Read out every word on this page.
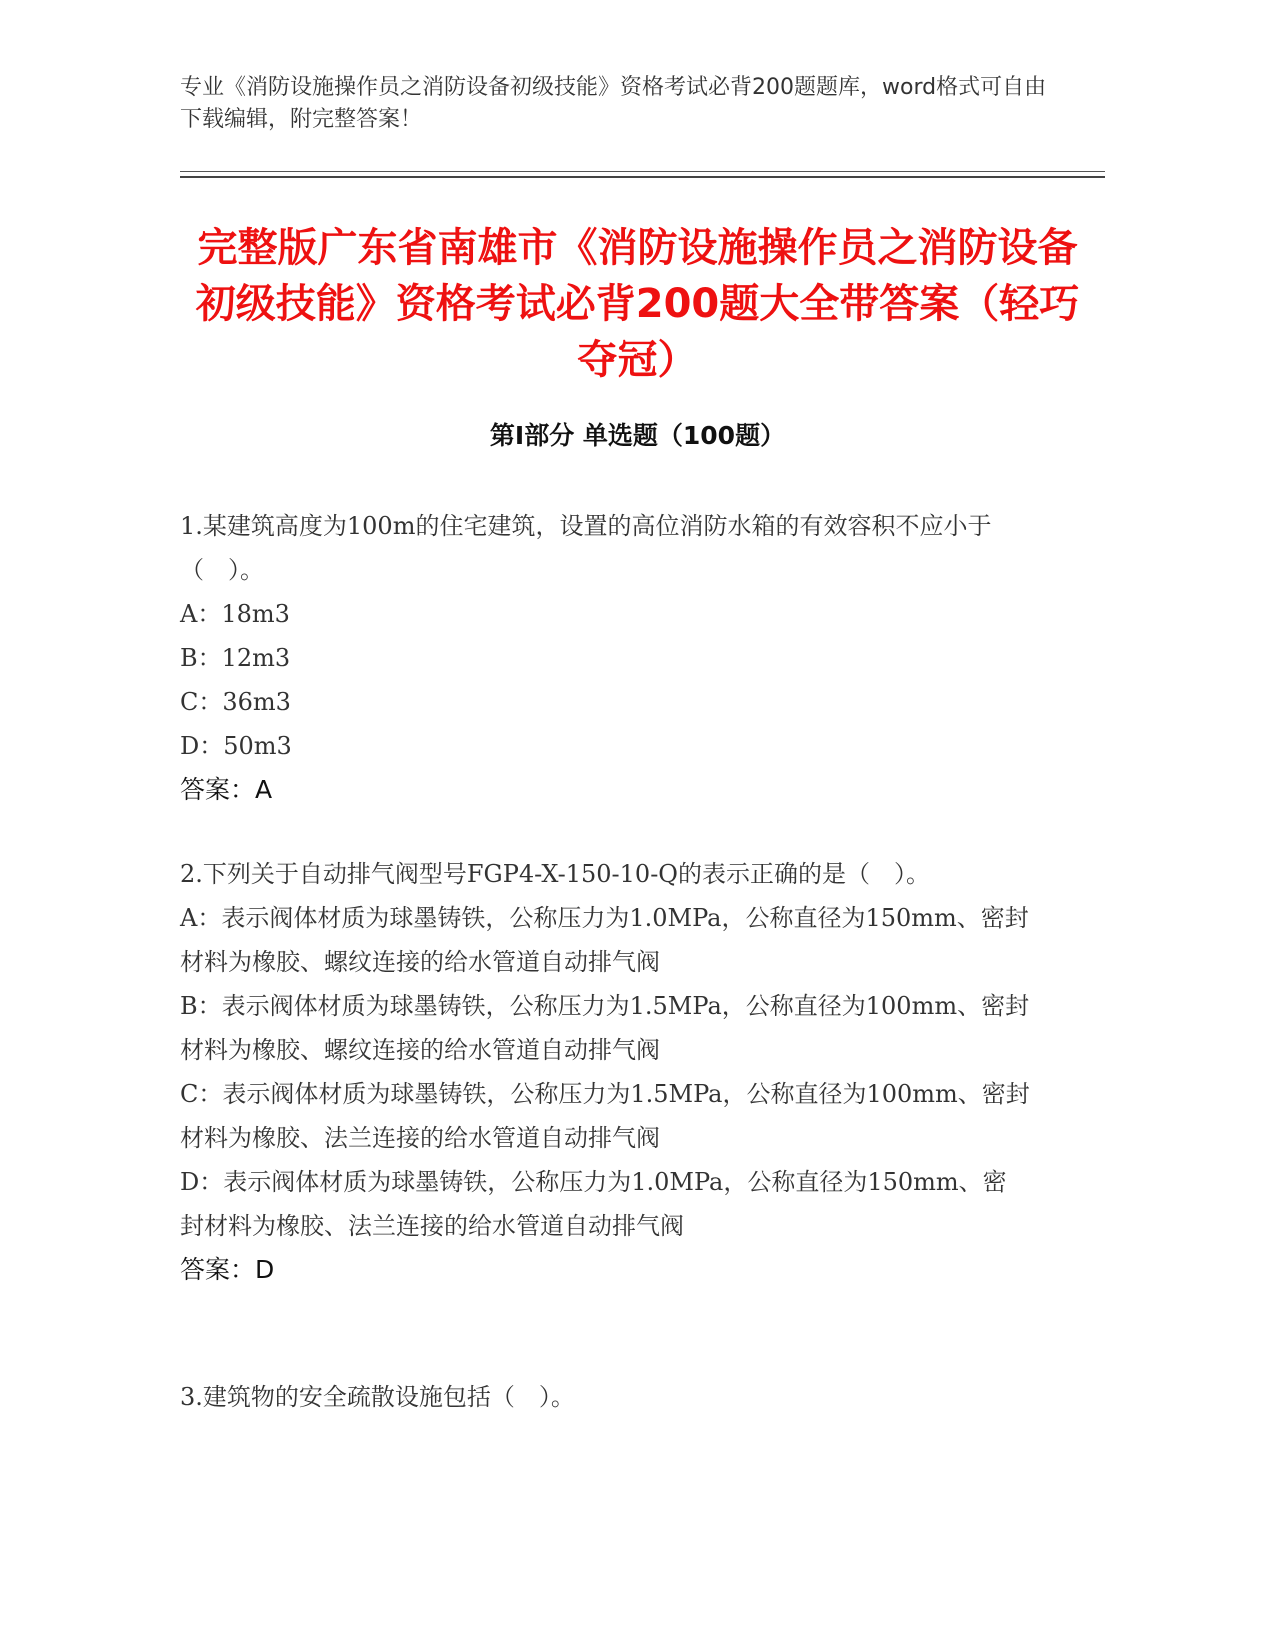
专业《消防设施操作员之消防设备初级技能》资格考试必背200题题库，word格式可自由下载编辑，附完整答案！
完整版广东省南雄市《消防设施操作员之消防设备初级技能》资格考试必背200题大全带答案（轻巧夺冠）
第Ⅰ部分 单选题（100题）

1.某建筑高度为100m的住宅建筑，设置的高位消防水箱的有效容积不应小于（　）。

A：18m3

B：12m3

C：36m3

D：50m3

答案：A

2.下列关于自动排气阀型号FGP4-X-150-10-Q的表示正确的是（　）。

A：表示阀体材质为球墨铸铁，公称压力为1.0MPa，公称直径为150mm、密封材料为橡胶、螺纹连接的给水管道自动排气阀

B：表示阀体材质为球墨铸铁，公称压力为1.5MPa，公称直径为100mm、密封材料为橡胶、螺纹连接的给水管道自动排气阀

C：表示阀体材质为球墨铸铁，公称压力为1.5MPa，公称直径为100mm、密封材料为橡胶、法兰连接的给水管道自动排气阀

D：表示阀体材质为球墨铸铁，公称压力为1.0MPa，公称直径为150mm、密封材料为橡胶、法兰连接的给水管道自动排气阀

答案：D

3.建筑物的安全疏散设施包括（　）。
